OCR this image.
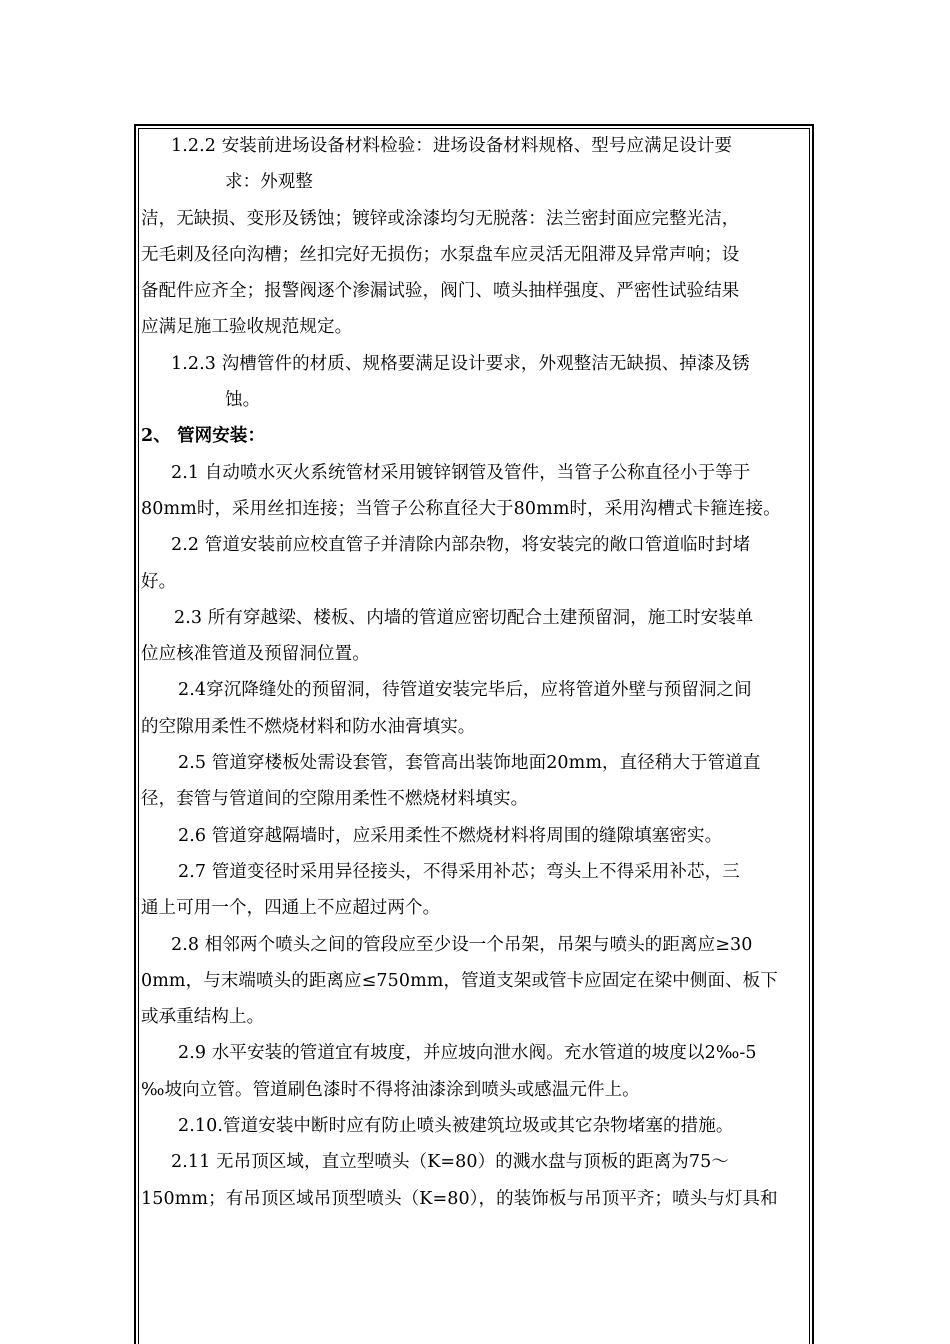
1.2.2 安装前进场设备材料检验：进场设备材料规格、型号应满足设计要
求：外观整
洁，无缺损、变形及锈蚀；镀锌或涂漆均匀无脱落：法兰密封面应完整光洁，
无毛刺及径向沟槽；丝扣完好无损伤；水泵盘车应灵活无阻滞及异常声响；设
备配件应齐全；报警阀逐个渗漏试验，阀门、喷头抽样强度、严密性试验结果
应满足施工验收规范规定。
1.2.3 沟槽管件的材质、规格要满足设计要求，外观整洁无缺损、掉漆及锈
蚀。
2、 管网安装：
2.1 自动喷水灭火系统管材采用镀锌钢管及管件，当管子公称直径小于等于
80mm时，采用丝扣连接；当管子公称直径大于80mm时，采用沟槽式卡箍连接。
2.2 管道安装前应校直管子并清除内部杂物，将安装完的敞口管道临时封堵
好。
2.3 所有穿越梁、楼板、内墙的管道应密切配合土建预留洞，施工时安装单
位应核准管道及预留洞位置。
2.4穿沉降缝处的预留洞，待管道安装完毕后，应将管道外壁与预留洞之间
的空隙用柔性不燃烧材料和防水油膏填实。
2.5 管道穿楼板处需设套管，套管高出装饰地面20mm，直径稍大于管道直
径，套管与管道间的空隙用柔性不燃烧材料填实。
2.6 管道穿越隔墙时，应采用柔性不燃烧材料将周围的缝隙填塞密实。
2.7 管道变径时采用异径接头，不得采用补芯；弯头上不得采用补芯，三
通上可用一个，四通上不应超过两个。
2.8 相邻两个喷头之间的管段应至少设一个吊架，吊架与喷头的距离应≥30
0mm，与末端喷头的距离应≤750mm，管道支架或管卡应固定在梁中侧面、板下
或承重结构上。
2.9 水平安装的管道宜有坡度，并应坡向泄水阀。充水管道的坡度以2‰-5
‰坡向立管。管道刷色漆时不得将油漆涂到喷头或感温元件上。
2.10.管道安装中断时应有防止喷头被建筑垃圾或其它杂物堵塞的措施。
2.11 无吊顶区域，直立型喷头（K=80）的溅水盘与顶板的距离为75～
150mm；有吊顶区域吊顶型喷头（K=80），的装饰板与吊顶平齐；喷头与灯具和
